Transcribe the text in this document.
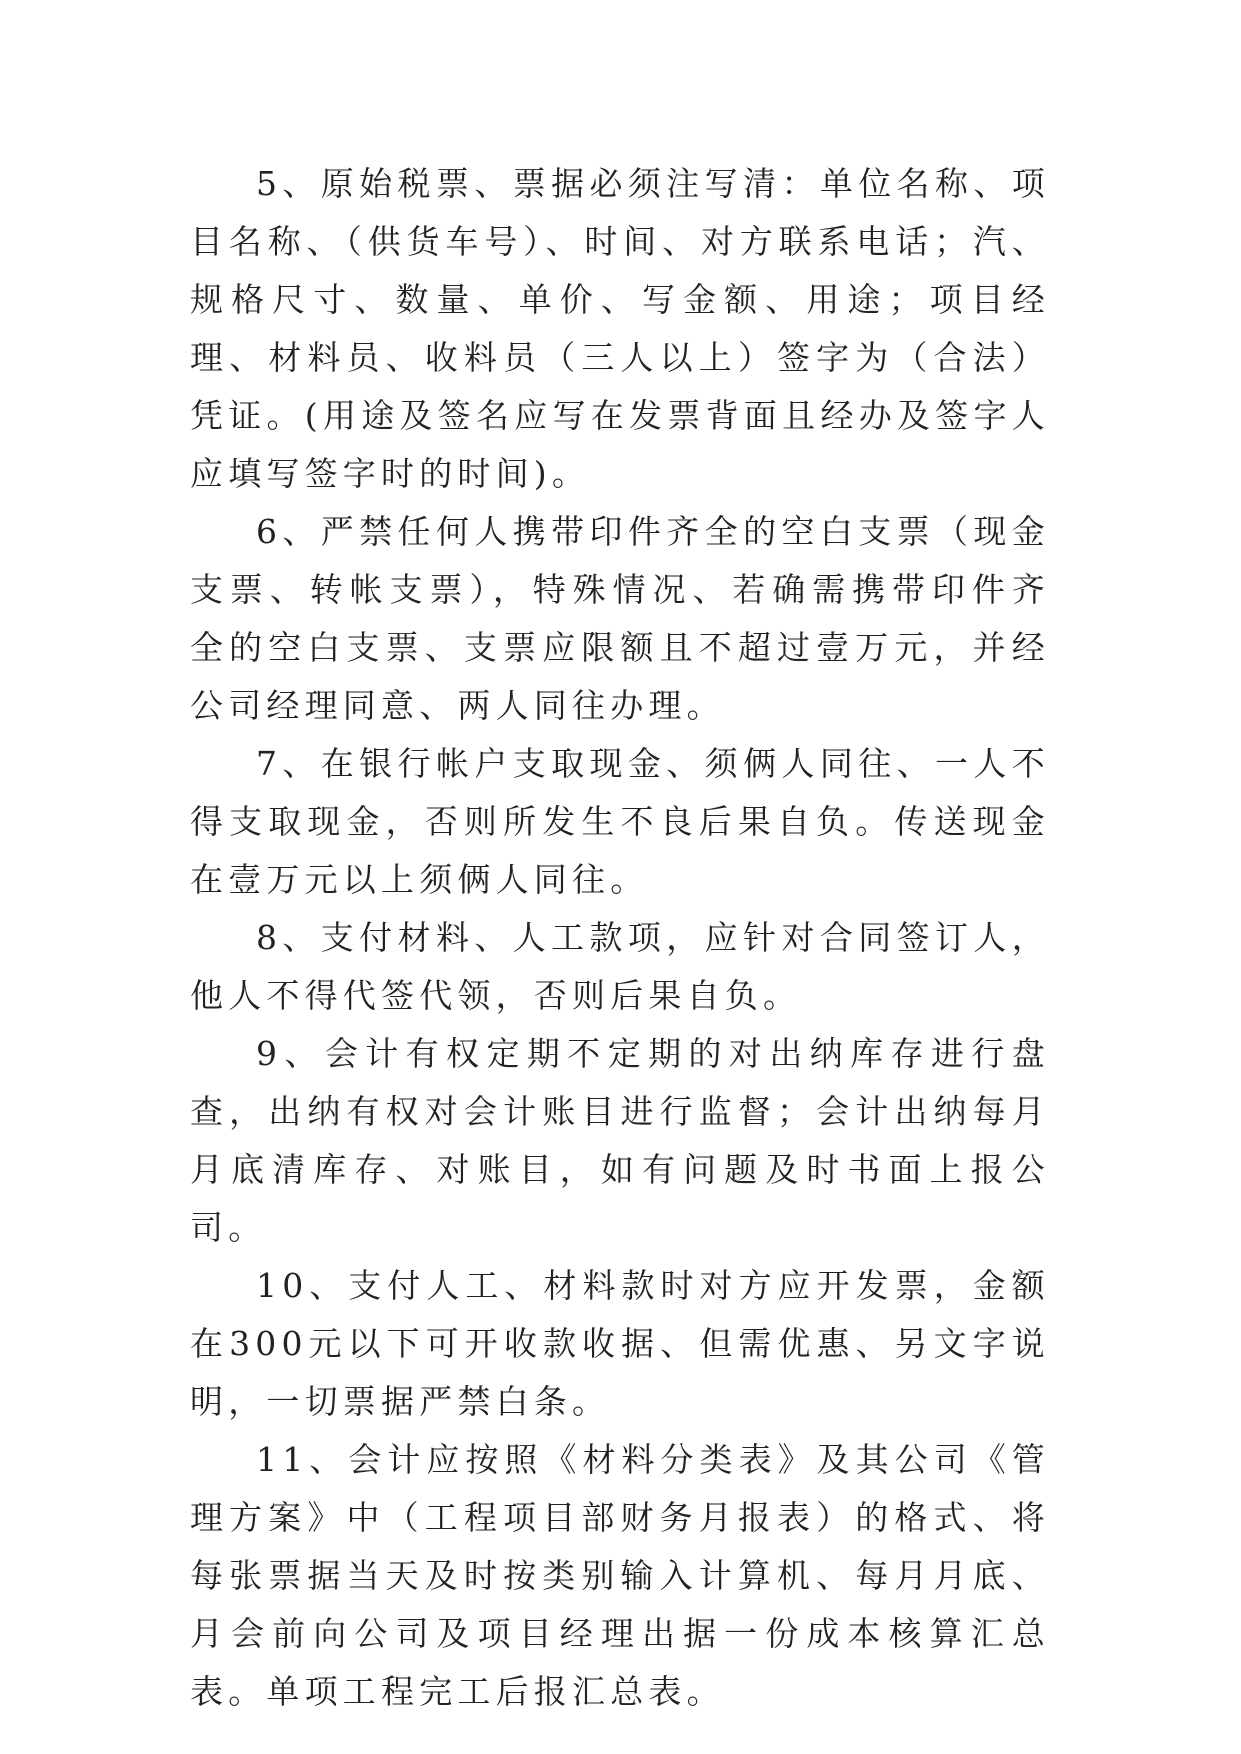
5、原始税票、票据必须注写清：单位名称、项目名称、（供货车号）、时间、对方联系电话；汽、规格尺寸、数量、单价、写金额、用途；项目经理、材料员、收料员（三人以上）签字为（合法）凭证。(用途及签名应写在发票背面且经办及签字人应填写签字时的时间)。

6、严禁任何人携带印件齐全的空白支票（现金支票、转帐支票），特殊情况、若确需携带印件齐全的空白支票、支票应限额且不超过壹万元，并经公司经理同意、两人同往办理。

7、在银行帐户支取现金、须俩人同往、一人不得支取现金，否则所发生不良后果自负。传送现金在壹万元以上须俩人同往。

8、支付材料、人工款项，应针对合同签订人，他人不得代签代领，否则后果自负。

9、会计有权定期不定期的对出纳库存进行盘查，出纳有权对会计账目进行监督；会计出纳每月月底清库存、对账目，如有问题及时书面上报公司。

10、支付人工、材料款时对方应开发票，金额在300元以下可开收款收据、但需优惠、另文字说明，一切票据严禁白条。

11、会计应按照《材料分类表》及其公司《管理方案》中（工程项目部财务月报表）的格式、将每张票据当天及时按类别输入计算机、每月月底、月会前向公司及项目经理出据一份成本核算汇总表。单项工程完工后报汇总表。
